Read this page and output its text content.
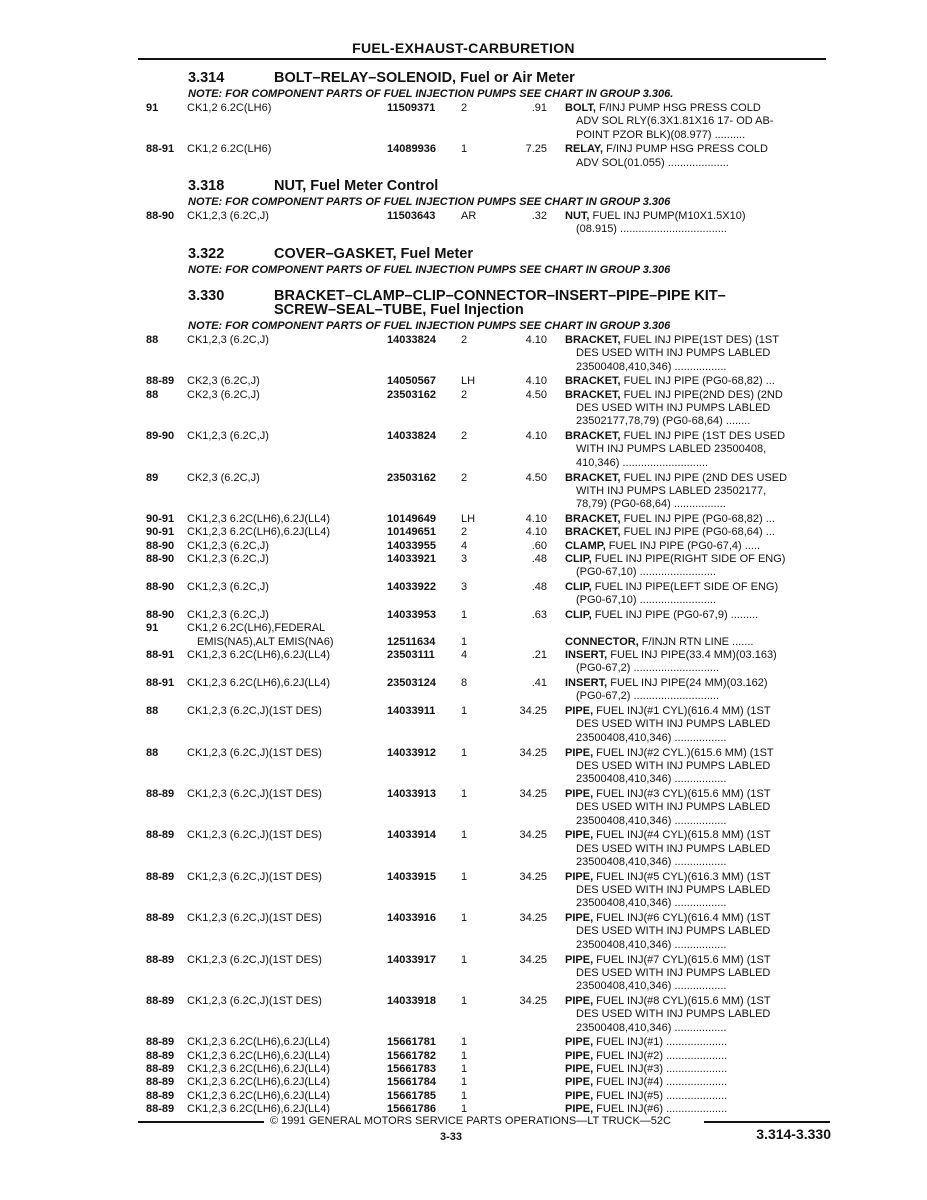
FUEL-EXHAUST-CARBURETION
3.314	BOLT–RELAY–SOLENOID, Fuel or Air Meter
NOTE: FOR COMPONENT PARTS OF FUEL INJECTION PUMPS SEE CHART IN GROUP 3.306.
91	CK1,2 6.2C(LH6)	11509371 2	.91 BOLT, F/INJ PUMP HSG PRESS COLD
ADV SOL RLY(6.3X1.81X16 17- OD AB-
POINT PZOR BLK)(08.977) ..........
88-91 CK1,2 6.2C(LH6)	14089936 1	7.25 RELAY, F/INJ PUMP HSG PRESS COLD
ADV SOL(01.055) ....................
3.318	NUT, Fuel Meter Control
NOTE: FOR COMPONENT PARTS OF FUEL INJECTION PUMPS SEE CHART IN GROUP 3.306
88-90 CK1,2,3 (6.2C,J)	11503643 AR	.32 NUT, FUEL INJ PUMP(M10X1.5X10)
(08.915) ...................................
3.322	COVER–GASKET, Fuel Meter
NOTE: FOR COMPONENT PARTS OF FUEL INJECTION PUMPS SEE CHART IN GROUP 3.306
3.330	BRACKET–CLAMP–CLIP–CONNECTOR–INSERT–PIPE–PIPE KIT–
SCREW–SEAL–TUBE, Fuel Injection
NOTE: FOR COMPONENT PARTS OF FUEL INJECTION PUMPS SEE CHART IN GROUP 3.306
88	CK1,2,3 (6.2C,J)	14033824 2	4.10 BRACKET, FUEL INJ PIPE(1ST DES) (1ST
DES USED WITH INJ PUMPS LABLED
23500408,410,346) .................
88-89 CK2,3 (6.2C,J)	14050567 LH	4.10 BRACKET, FUEL INJ PIPE (PG0-68,82) ...
88	CK2,3 (6.2C,J)	23503162 2	4.50 BRACKET, FUEL INJ PIPE(2ND DES) (2ND
DES USED WITH INJ PUMPS LABLED
23502177,78,79) (PG0-68,64) ........
89-90 CK1,2,3 (6.2C,J)	14033824 2	4.10 BRACKET, FUEL INJ PIPE (1ST DES USED
WITH INJ PUMPS LABLED 23500408,
410,346) ............................
89	CK2,3 (6.2C,J)	23503162 2	4.50 BRACKET, FUEL INJ PIPE (2ND DES USED
WITH INJ PUMPS LABLED 23502177,
78,79) (PG0-68,64) .................
90-91 CK1,2,3 6.2C(LH6),6.2J(LL4)	10149649 LH	4.10 BRACKET, FUEL INJ PIPE (PG0-68,82) ...
90-91 CK1,2,3 6.2C(LH6),6.2J(LL4)	10149651 2	4.10 BRACKET, FUEL INJ PIPE (PG0-68,64) ...
88-90 CK1,2,3 (6.2C,J)	14033955 4	.60 CLAMP, FUEL INJ PIPE (PG0-67,4) .....
88-90 CK1,2,3 (6.2C,J)	14033921 3	.48 CLIP, FUEL INJ PIPE(RIGHT SIDE OF ENG)
(PG0-67,10) .........................
88-90 CK1,2,3 (6.2C,J)	14033922 3	.48 CLIP, FUEL INJ PIPE(LEFT SIDE OF ENG)
(PG0-67,10) .........................
88-90 CK1,2,3 (6.2C,J)	14033953 1	.63 CLIP, FUEL INJ PIPE (PG0-67,9) .........
91	CK1,2 6.2C(LH6),FEDERAL
EMIS(NA5),ALT EMIS(NA6)	12511634 1	CONNECTOR, F/INJN RTN LINE .......
88-91 CK1,2,3 6.2C(LH6),6.2J(LL4)	23503111 4	.21 INSERT, FUEL INJ PIPE(33.4 MM)(03.163)
(PG0-67,2) ............................
88-91 CK1,2,3 6.2C(LH6),6.2J(LL4)	23503124 8	.41 INSERT, FUEL INJ PIPE(24 MM)(03.162)
(PG0-67,2) ............................
88	CK1,2,3 (6.2C,J)(1ST DES)	14033911 1	34.25 PIPE, FUEL INJ(#1 CYL)(616.4 MM) (1ST
DES USED WITH INJ PUMPS LABLED
23500408,410,346) .................
88	CK1,2,3 (6.2C,J)(1ST DES)	14033912 1	34.25 PIPE, FUEL INJ(#2 CYL.)(615.6 MM) (1ST
DES USED WITH INJ PUMPS LABLED
23500408,410,346) .................
88-89 CK1,2,3 (6.2C,J)(1ST DES)	14033913 1	34.25 PIPE, FUEL INJ(#3 CYL)(615.6 MM) (1ST
DES USED WITH INJ PUMPS LABLED
23500408,410,346) .................
88-89 CK1,2,3 (6.2C,J)(1ST DES)	14033914 1	34.25 PIPE, FUEL INJ(#4 CYL)(615.8 MM) (1ST
DES USED WITH INJ PUMPS LABLED
23500408,410,346) .................
88-89 CK1,2,3 (6.2C,J)(1ST DES)	14033915 1	34.25 PIPE, FUEL INJ(#5 CYL)(616.3 MM) (1ST
DES USED WITH INJ PUMPS LABLED
23500408,410,346) .................
88-89 CK1,2,3 (6.2C,J)(1ST DES)	14033916 1	34.25 PIPE, FUEL INJ(#6 CYL)(616.4 MM) (1ST
DES USED WITH INJ PUMPS LABLED
23500408,410,346) .................
88-89 CK1,2,3 (6.2C,J)(1ST DES)	14033917 1	34.25 PIPE, FUEL INJ(#7 CYL)(615.6 MM) (1ST
DES USED WITH INJ PUMPS LABLED
23500408,410,346) .................
88-89 CK1,2,3 (6.2C,J)(1ST DES)	14033918 1	34.25 PIPE, FUEL INJ(#8 CYL)(615.6 MM) (1ST
DES USED WITH INJ PUMPS LABLED
23500408,410,346) .................
88-89 CK1,2,3 6.2C(LH6),6.2J(LL4)	15661781 1	PIPE, FUEL INJ(#1) ....................
88-89 CK1,2,3 6.2C(LH6),6.2J(LL4)	15661782 1	PIPE, FUEL INJ(#2) ....................
88-89 CK1,2,3 6.2C(LH6),6.2J(LL4)	15661783 1	PIPE, FUEL INJ(#3) ....................
88-89 CK1,2,3 6.2C(LH6),6.2J(LL4)	15661784 1	PIPE, FUEL INJ(#4) ....................
88-89 CK1,2,3 6.2C(LH6),6.2J(LL4)	15661785 1	PIPE, FUEL INJ(#5) ....................
88-89 CK1,2,3 6.2C(LH6),6.2J(LL4)	15661786 1	PIPE, FUEL INJ(#6) ....................
© 1991 GENERAL MOTORS SERVICE PARTS OPERATIONS—LT TRUCK—52C
3-33	3.314-3.330
